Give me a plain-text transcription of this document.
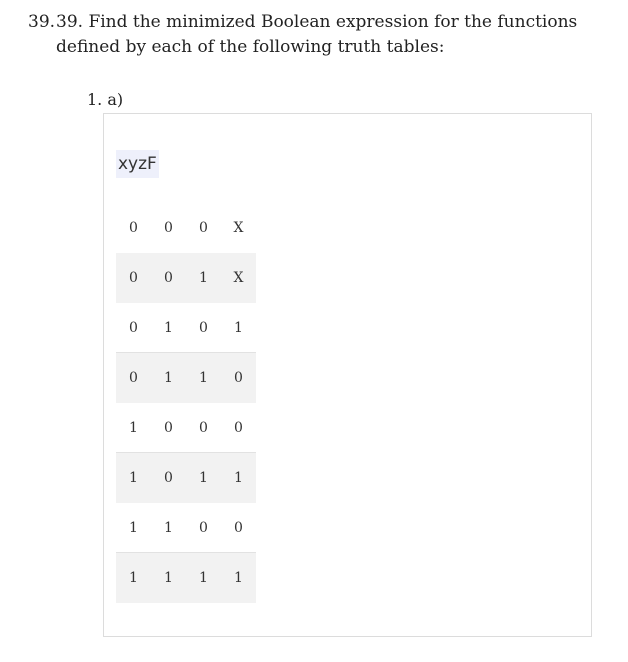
39. 39. Find the minimized Boolean expression for the functions defined by each of the following truth tables:
1. a)
xyzF
0	0	0	X
0	0	1	X
0	1	0	1
0	1	1	0
1	0	0	0
1	0	1	1
1	1	0	0
1	1	1	1
